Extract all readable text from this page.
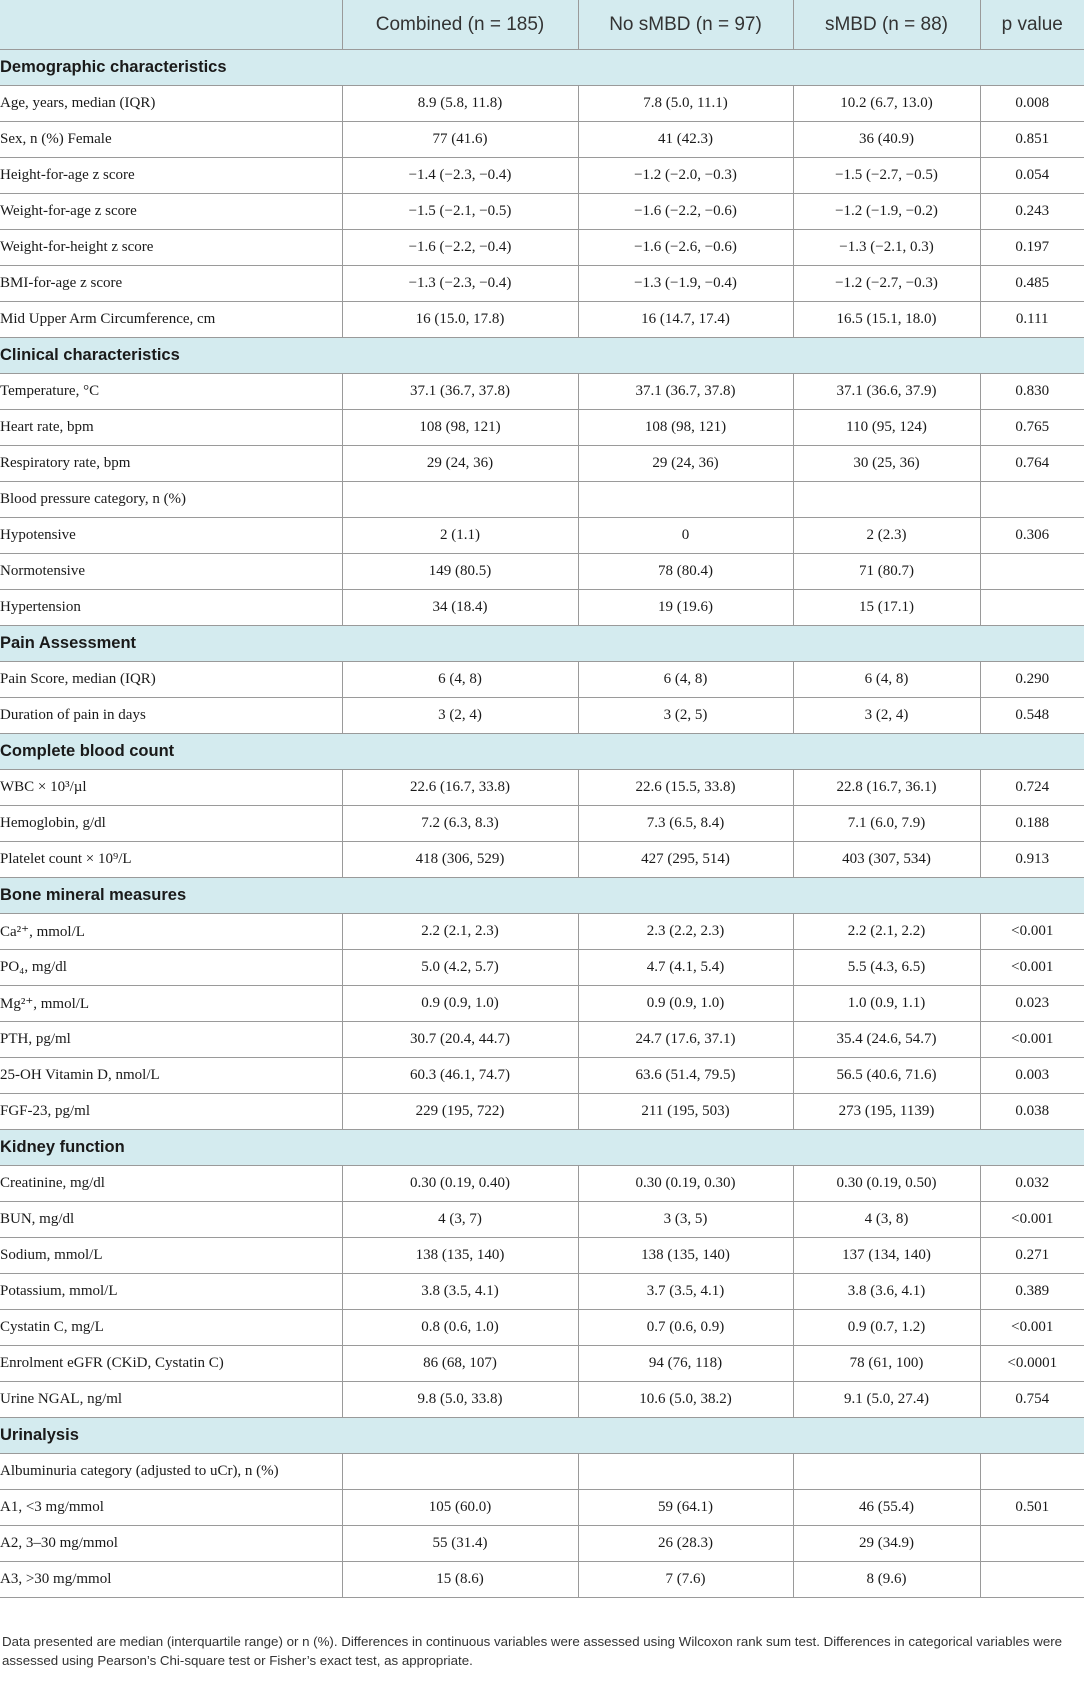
	Combined (n = 185)	No sMBD (n = 97)	sMBD (n = 88)	p value
Demographic characteristics				
Age, years, median (IQR)	8.9 (5.8, 11.8)	7.8 (5.0, 11.1)	10.2 (6.7, 13.0)	0.008
Sex, n (%) Female	77 (41.6)	41 (42.3)	36 (40.9)	0.851
Height-for-age z score	−1.4 (−2.3, −0.4)	−1.2 (−2.0, −0.3)	−1.5 (−2.7, −0.5)	0.054
Weight-for-age z score	−1.5 (−2.1, −0.5)	−1.6 (−2.2, −0.6)	−1.2 (−1.9, −0.2)	0.243
Weight-for-height z score	−1.6 (−2.2, −0.4)	−1.6 (−2.6, −0.6)	−1.3 (−2.1, 0.3)	0.197
BMI-for-age z score	−1.3 (−2.3, −0.4)	−1.3 (−1.9, −0.4)	−1.2 (−2.7, −0.3)	0.485
Mid Upper Arm Circumference, cm	16 (15.0, 17.8)	16 (14.7, 17.4)	16.5 (15.1, 18.0)	0.111
Clinical characteristics				
Temperature, °C	37.1 (36.7, 37.8)	37.1 (36.7, 37.8)	37.1 (36.6, 37.9)	0.830
Heart rate, bpm	108 (98, 121)	108 (98, 121)	110 (95, 124)	0.765
Respiratory rate, bpm	29 (24, 36)	29 (24, 36)	30 (25, 36)	0.764
Blood pressure category, n (%)				
Hypotensive	2 (1.1)	0	2 (2.3)	0.306
Normotensive	149 (80.5)	78 (80.4)	71 (80.7)	
Hypertension	34 (18.4)	19 (19.6)	15 (17.1)	
Pain Assessment				
Pain Score, median (IQR)	6 (4, 8)	6 (4, 8)	6 (4, 8)	0.290
Duration of pain in days	3 (2, 4)	3 (2, 5)	3 (2, 4)	0.548
Complete blood count				
WBC × 10³/µl	22.6 (16.7, 33.8)	22.6 (15.5, 33.8)	22.8 (16.7, 36.1)	0.724
Hemoglobin, g/dl	7.2 (6.3, 8.3)	7.3 (6.5, 8.4)	7.1 (6.0, 7.9)	0.188
Platelet count × 10⁹/L	418 (306, 529)	427 (295, 514)	403 (307, 534)	0.913
Bone mineral measures				
Ca²⁺, mmol/L	2.2 (2.1, 2.3)	2.3 (2.2, 2.3)	2.2 (2.1, 2.2)	<0.001
PO₄, mg/dl	5.0 (4.2, 5.7)	4.7 (4.1, 5.4)	5.5 (4.3, 6.5)	<0.001
Mg²⁺, mmol/L	0.9 (0.9, 1.0)	0.9 (0.9, 1.0)	1.0 (0.9, 1.1)	0.023
PTH, pg/ml	30.7 (20.4, 44.7)	24.7 (17.6, 37.1)	35.4 (24.6, 54.7)	<0.001
25-OH Vitamin D, nmol/L	60.3 (46.1, 74.7)	63.6 (51.4, 79.5)	56.5 (40.6, 71.6)	0.003
FGF-23, pg/ml	229 (195, 722)	211 (195, 503)	273 (195, 1139)	0.038
Kidney function				
Creatinine, mg/dl	0.30 (0.19, 0.40)	0.30 (0.19, 0.30)	0.30 (0.19, 0.50)	0.032
BUN, mg/dl	4 (3, 7)	3 (3, 5)	4 (3, 8)	<0.001
Sodium, mmol/L	138 (135, 140)	138 (135, 140)	137 (134, 140)	0.271
Potassium, mmol/L	3.8 (3.5, 4.1)	3.7 (3.5, 4.1)	3.8 (3.6, 4.1)	0.389
Cystatin C, mg/L	0.8 (0.6, 1.0)	0.7 (0.6, 0.9)	0.9 (0.7, 1.2)	<0.001
Enrolment eGFR (CKiD, Cystatin C)	86 (68, 107)	94 (76, 118)	78 (61, 100)	<0.0001
Urine NGAL, ng/ml	9.8 (5.0, 33.8)	10.6 (5.0, 38.2)	9.1 (5.0, 27.4)	0.754
Urinalysis				
Albuminuria category (adjusted to uCr), n (%)				
A1, <3 mg/mmol	105 (60.0)	59 (64.1)	46 (55.4)	0.501
A2, 3–30 mg/mmol	55 (31.4)	26 (28.3)	29 (34.9)	
A3, >30 mg/mmol	15 (8.6)	7 (7.6)	8 (9.6)	
Data presented are median (interquartile range) or n (%). Differences in continuous variables were assessed using Wilcoxon rank sum test. Differences in categorical variables were assessed using Pearson’s Chi-square test or Fisher’s exact test, as appropriate.
